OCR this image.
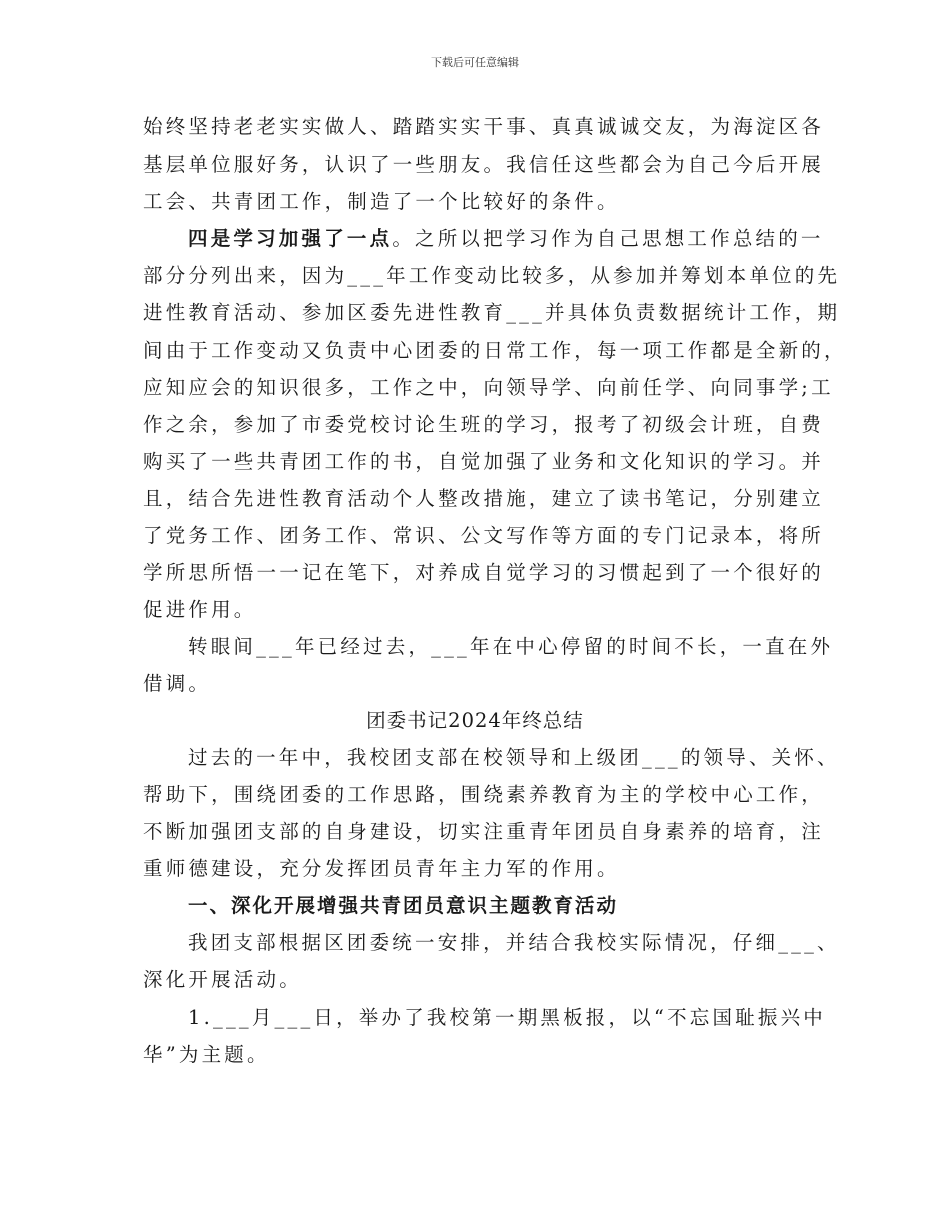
下载后可任意编辑
始终坚持老老实实做人、踏踏实实干事、真真诚诚交友，为海淀区各
基层单位服好务，认识了一些朋友。我信任这些都会为自己今后开展
工会、共青团工作，制造了一个比较好的条件。
四是学习加强了一点。之所以把学习作为自己思想工作总结的一
部分分列出来，因为___年工作变动比较多，从参加并筹划本单位的先
进性教育活动、参加区委先进性教育___并具体负责数据统计工作，期
间由于工作变动又负责中心团委的日常工作，每一项工作都是全新的，
应知应会的知识很多，工作之中，向领导学、向前任学、向同事学;工
作之余，参加了市委党校讨论生班的学习，报考了初级会计班，自费
购买了一些共青团工作的书，自觉加强了业务和文化知识的学习。并
且，结合先进性教育活动个人整改措施，建立了读书笔记，分别建立
了党务工作、团务工作、常识、公文写作等方面的专门记录本，将所
学所思所悟一一记在笔下，对养成自觉学习的习惯起到了一个很好的
促进作用。
转眼间___年已经过去，___年在中心停留的时间不长，一直在外
借调。
团委书记2024年终总结
过去的一年中，我校团支部在校领导和上级团___的领导、关怀、
帮助下，围绕团委的工作思路，围绕素养教育为主的学校中心工作，
不断加强团支部的自身建设，切实注重青年团员自身素养的培育，注
重师德建设，充分发挥团员青年主力军的作用。
一、深化开展增强共青团员意识主题教育活动
我团支部根据区团委统一安排，并结合我校实际情况，仔细___、
深化开展活动。
1.___月___日，举办了我校第一期黑板报，以“不忘国耻振兴中
华”为主题。
